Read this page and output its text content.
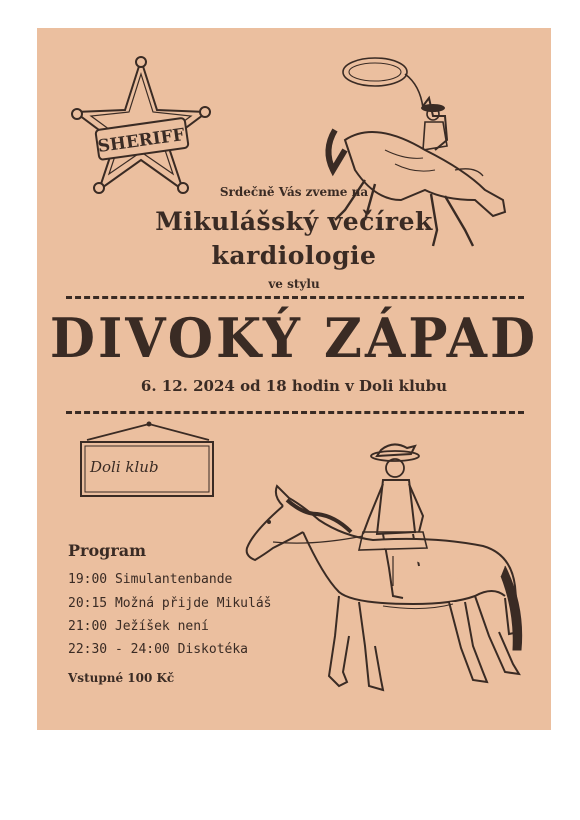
SHERIFF
Srdečně Vás zveme na
Mikulášský večírek
kardiologie
ve stylu
DIVOKÝ ZÁPAD
6. 12. 2024 od 18 hodin v Doli klubu
Doli klub
Program
19:00 Simulantenbande
20:15 Možná přijde Mikuláš
21:00 Ježíšek není
22:30 - 24:00 Diskotéka
Vstupné 100 Kč
